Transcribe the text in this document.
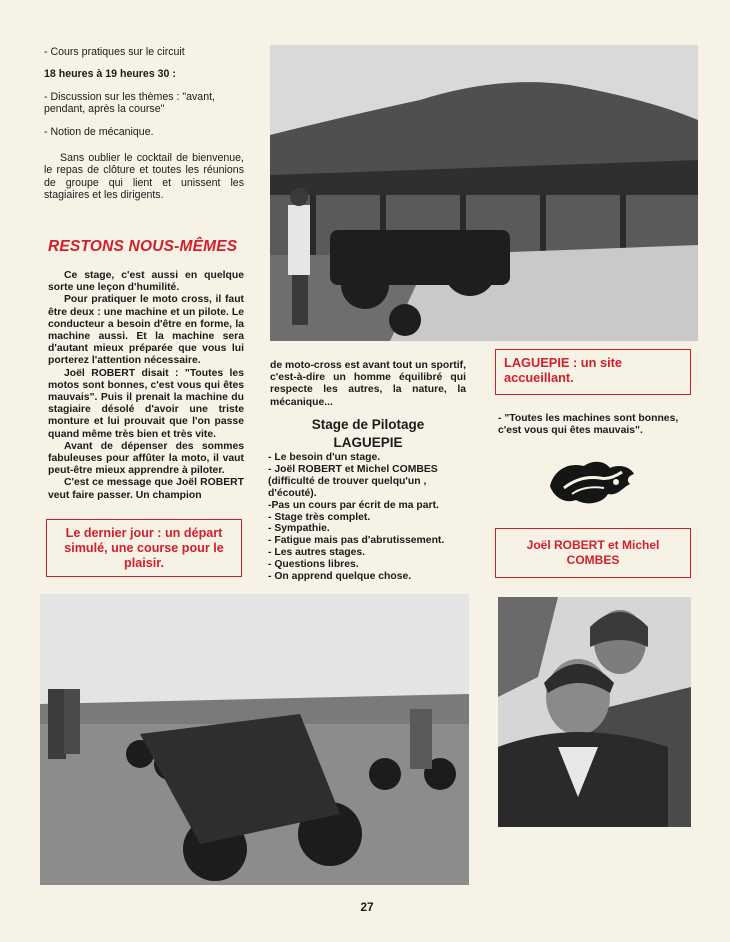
- Cours pratiques sur le circuit

18 heures à 19 heures 30 :

- Discussion sur les thèmes : "avant, pendant, après la course"

- Notion de mécanique.

Sans oublier le cocktail de bienvenue, le repas de clôture et toutes les réunions de groupe qui lient et unissent les stagiaires et les dirigents.

RESTONS NOUS-MÊMES

Ce stage, c'est aussi en quelque sorte une leçon d'humilité.

Pour pratiquer le moto cross, il faut être deux : une machine et un pilote. Le conducteur a besoin d'être en forme, la machine aussi. Et la machine sera d'autant mieux préparée que vous lui porterez l'attention nécessaire.

Joël ROBERT disait : "Toutes les motos sont bonnes, c'est vous qui êtes mauvais". Puis il prenait la machine du stagiaire désolé d'avoir une triste monture et lui prouvait que l'on passe quand même très bien et très vite.

Avant de dépenser des sommes fabuleuses pour affûter la moto, il vaut peut-être mieux apprendre à piloter.

C'est ce message que Joël ROBERT veut faire passer. Un champion

Le dernier jour : un départ simulé, une course pour le plaisir.
de moto-cross est avant tout un sportif, c'est-à-dire un homme équilibré qui respecte les autres, la nature, la mécanique...
Stage de Pilotage
LAGUEPIE
- Le besoin d'un stage.
- Joël ROBERT et Michel COMBES (difficulté de trouver quelqu'un , d'écouté).
-Pas un cours par écrit de ma part.
- Stage très complet.
- Sympathie.
- Fatigue mais pas d'abrutissement.
- Les autres stages.
- Questions libres.
- On apprend quelque chose.
LAGUEPIE : un site accueillant.
- "Toutes les machines sont bonnes, c'est vous qui êtes mauvais".
Joël ROBERT et Michel COMBES
27
